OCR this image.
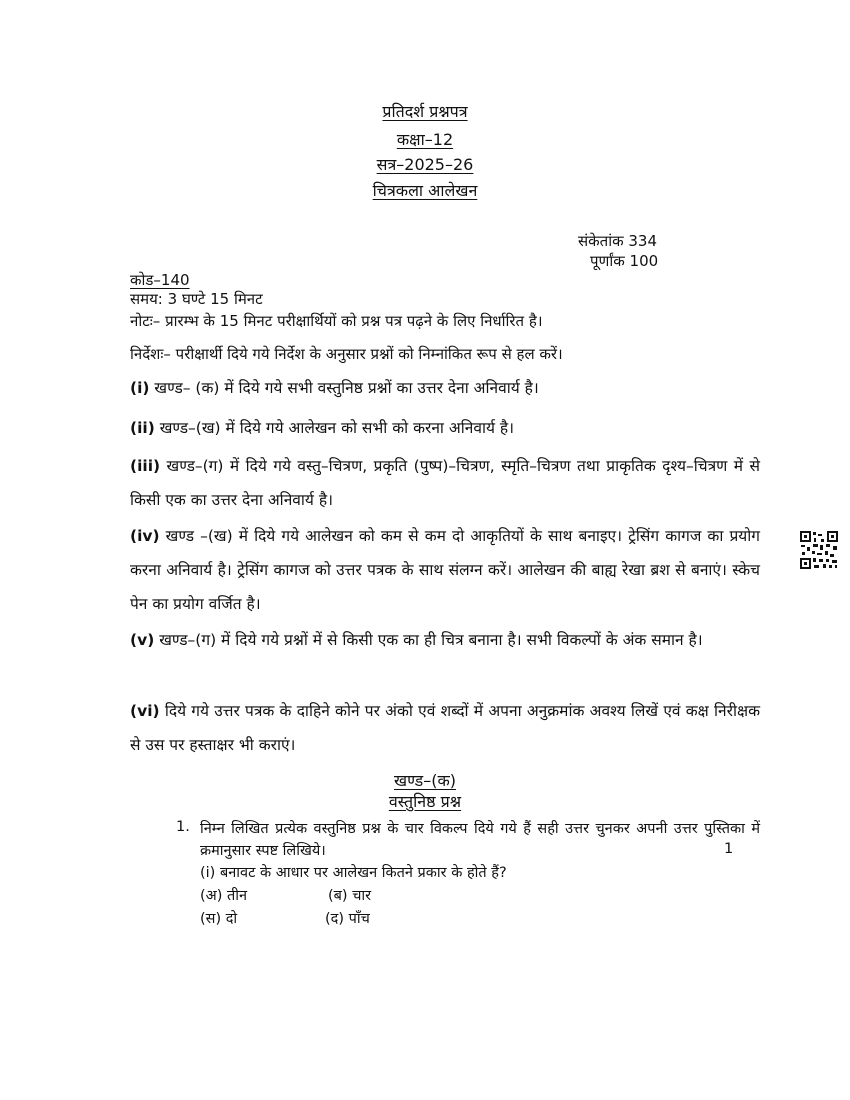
प्रतिदर्श प्रश्नपत्र
कक्षा–12
सत्र–2025–26
चित्रकला आलेखन
संकेतांक 334
पूर्णांक 100
कोड–140
समय: 3 घण्टे 15 मिनट
नोटः– प्रारम्भ के 15 मिनट परीक्षार्थियों को प्रश्न पत्र पढ़ने के लिए निर्धारित है।
निर्देशः– परीक्षार्थी दिये गये निर्देश के अनुसार प्रश्नों को निम्नांकित रूप से हल करें।
(i) खण्ड– (क) में दिये गये सभी वस्तुनिष्ठ प्रश्नों का उत्तर देना अनिवार्य है।
(ii) खण्ड–(ख) में दिये गये आलेखन को सभी को करना अनिवार्य है।
(iii) खण्ड–(ग) में दिये गये वस्तु–चित्रण, प्रकृति (पुष्प)–चित्रण, स्मृति–चित्रण तथा प्राकृतिक दृश्य–चित्रण में से किसी एक का उत्तर देना अनिवार्य है।
(iv) खण्ड –(ख) में दिये गये आलेखन को कम से कम दो आकृतियों के साथ बनाइए। ट्रेसिंग कागज का प्रयोग करना अनिवार्य है। ट्रेसिंग कागज को उत्तर पत्रक के साथ संलग्न करें। आलेखन की बाह्य रेखा ब्रश से बनाएं। स्केच पेन का प्रयोग वर्जित है।
(v) खण्ड–(ग) में दिये गये प्रश्नों में से किसी एक का ही चित्र बनाना है। सभी विकल्पों के अंक समान है।
(vi) दिये गये उत्तर पत्रक के दाहिने कोने पर अंको एवं शब्दों में अपना अनुक्रमांक अवश्य लिखें एवं कक्ष निरीक्षक से उस पर हस्ताक्षर भी कराएं।
खण्ड–(क)
वस्तुनिष्ठ प्रश्न
1. निम्न लिखित प्रत्येक वस्तुनिष्ठ प्रश्न के चार विकल्प दिये गये हैं सही उत्तर चुनकर अपनी उत्तर पुस्तिका में क्रमानुसार स्पष्ट लिखिये।	1
(i) बनावट के आधार पर आलेखन कितने प्रकार के होते हैं?
(अ) तीन	(ब) चार
(स) दो	(द) पाँच
